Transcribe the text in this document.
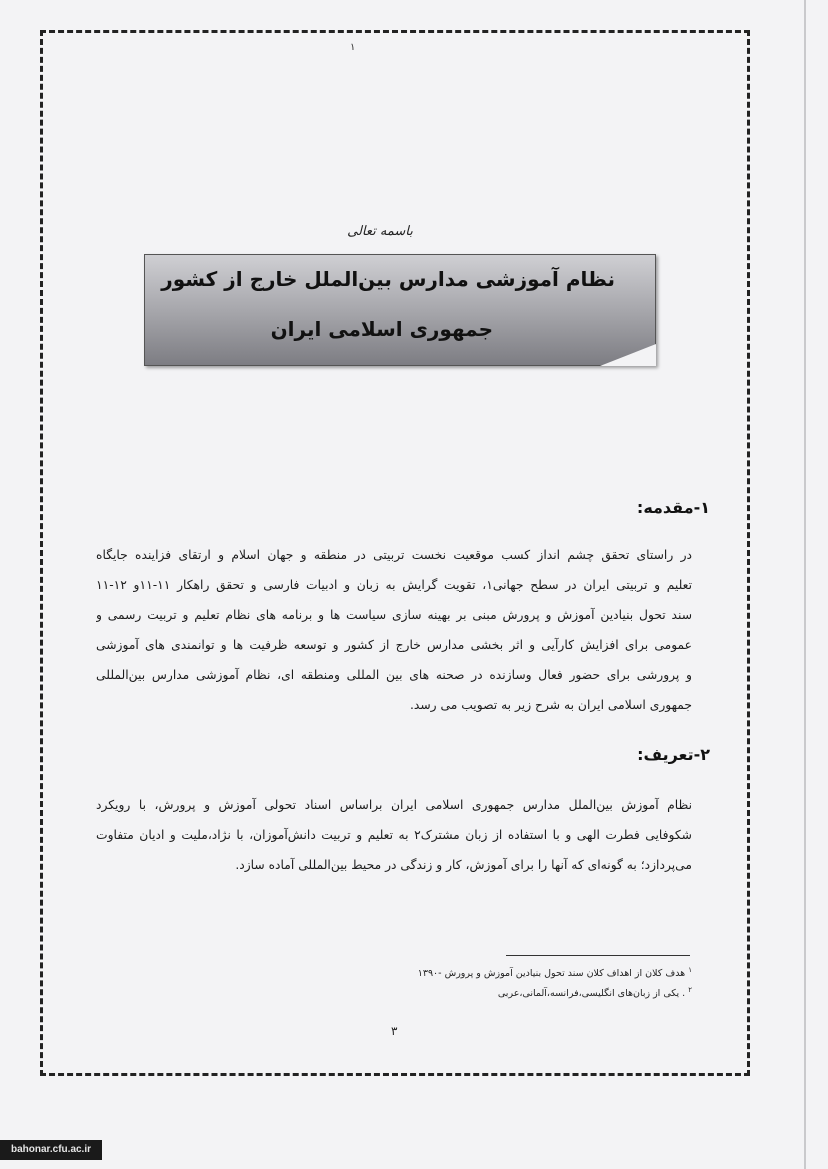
۱
باسمه تعالی
نظام آموزشی مدارس بین‌الملل خارج از کشور
جمهوری اسلامی ایران
۱-مقدمه:
در راستای تحقق چشم انداز کسب موقعیت نخست تربیتی در منطقه و جهان اسلام و ارتقای فزاینده جایگاه
تعلیم و تربیتی ایران در سطح جهانی۱، تقویت گرایش به زبان و ادبیات فارسی و تحقق راهکار ۱۱-۱۱و ۱۲-۱۱
سند تحول بنیادین آموزش و پرورش مبنی بر بهینه سازی سیاست ها و برنامه های نظام تعلیم و تربیت رسمی و
عمومی برای افزایش کارآیی و اثر بخشی مدارس خارج از کشور و توسعه ظرفیت ها و توانمندی های آموزشی
و پرورشی برای حضور فعال وسازنده در صحنه های بین المللی ومنطقه ای، نظام آموزشی مدارس بین‌المللی
جمهوری اسلامی ایران به شرح زیر به تصویب می رسد.
۲-تعریف:
نظام آموزش بین‌الملل مدارس جمهوری اسلامی ایران براساس اسناد تحولی آموزش و پرورش، با رویکرد
شکوفایی فطرت الهی و با استفاده از زبان مشترک۲ به تعلیم و تربیت دانش‌آموزان، با نژاد،ملیت و ادیان متفاوت
می‌پردازد؛ به گونه‌ای که آنها را برای آموزش، کار و زندگی در محیط بین‌المللی آماده سازد.
$^۱$ هدف کلان از اهداف کلان سند تحول بنیادین آموزش و پرورش -۱۳۹۰
$^۲$ . یکی از زبان‌های انگلیسی،فرانسه،آلمانی،عربی
۳
bahonar.cfu.ac.ir
